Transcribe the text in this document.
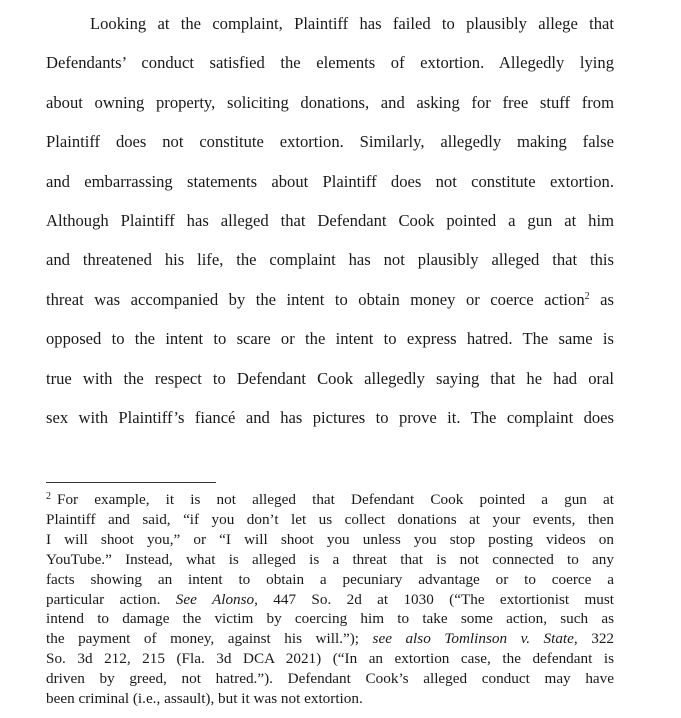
Looking at the complaint, Plaintiff has failed to plausibly allege that
Defendants’ conduct satisfied the elements of extortion. Allegedly lying
about owning property, soliciting donations, and asking for free stuff from
Plaintiff does not constitute extortion. Similarly, allegedly making false
and embarrassing statements about Plaintiff does not constitute extortion.
Although Plaintiff has alleged that Defendant Cook pointed a gun at him
and threatened his life, the complaint has not plausibly alleged that this
threat was accompanied by the intent to obtain money or coerce action$^2$ as
opposed to the intent to scare or the intent to express hatred. The same is
true with the respect to Defendant Cook allegedly saying that he had oral
sex with Plaintiff’s fiancé and has pictures to prove it. The complaint does
$^2$ For example, it is not alleged that Defendant Cook pointed a gun at
Plaintiff and said, “if you don’t let us collect donations at your events, then
I will shoot you,” or “I will shoot you unless you stop posting videos on
YouTube.” Instead, what is alleged is a threat that is not connected to any
facts showing an intent to obtain a pecuniary advantage or to coerce a
particular action. See Alonso, 447 So. 2d at 1030 (“The extortionist must
intend to damage the victim by coercing him to take some action, such as
the payment of money, against his will.”); see also Tomlinson v. State, 322
So. 3d 212, 215 (Fla. 3d DCA 2021) (“In an extortion case, the defendant is
driven by greed, not hatred.”). Defendant Cook’s alleged conduct may have
been criminal (i.e., assault), but it was not extortion.
